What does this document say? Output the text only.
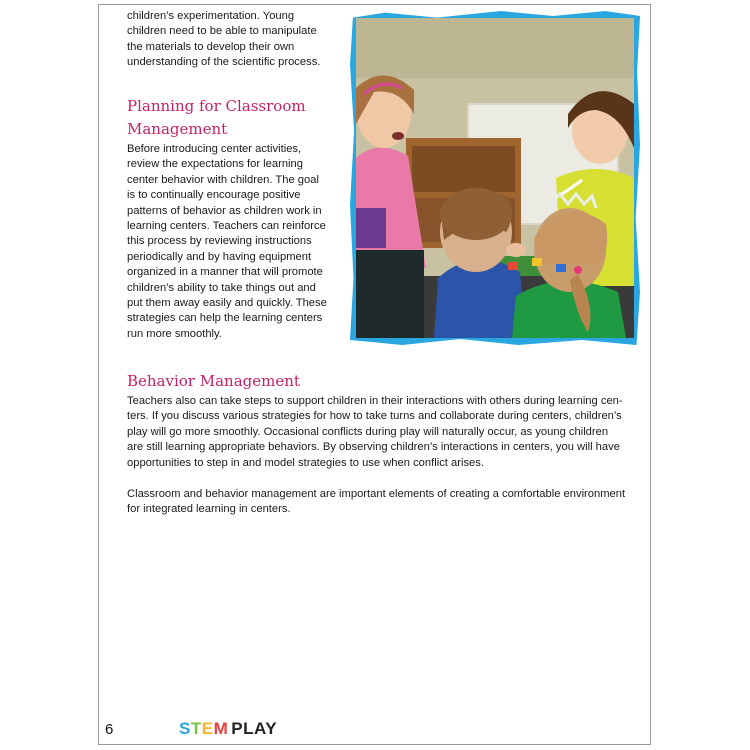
children’s experimentation. Young

children need to be able to manipulate

the materials to develop their own

understanding of the scientific process.

Planning for Classroom
Management

Before introducing center activities,

review the expectations for learning

center behavior with children. The goal

is to continually encourage positive

patterns of behavior as children work in

learning centers. Teachers can reinforce

this process by reviewing instructions

periodically and by having equipment

organized in a manner that will promote

children’s ability to take things out and

put them away easily and quickly. These

strategies can help the learning centers

run more smoothly.

Behavior Management

Teachers also can take steps to support children in their interactions with others during learning cen-

ters. If you discuss various strategies for how to take turns and collaborate during centers, children’s

play will go more smoothly. Occasional conflicts during play will naturally occur, as young children

are still learning appropriate behaviors. By observing children’s interactions in centers, you will have

opportunities to step in and model strategies to use when conflict arises.

Classroom and behavior management are important elements of creating a comfortable environment

for integrated learning in centers.

6	STEM PLAY
